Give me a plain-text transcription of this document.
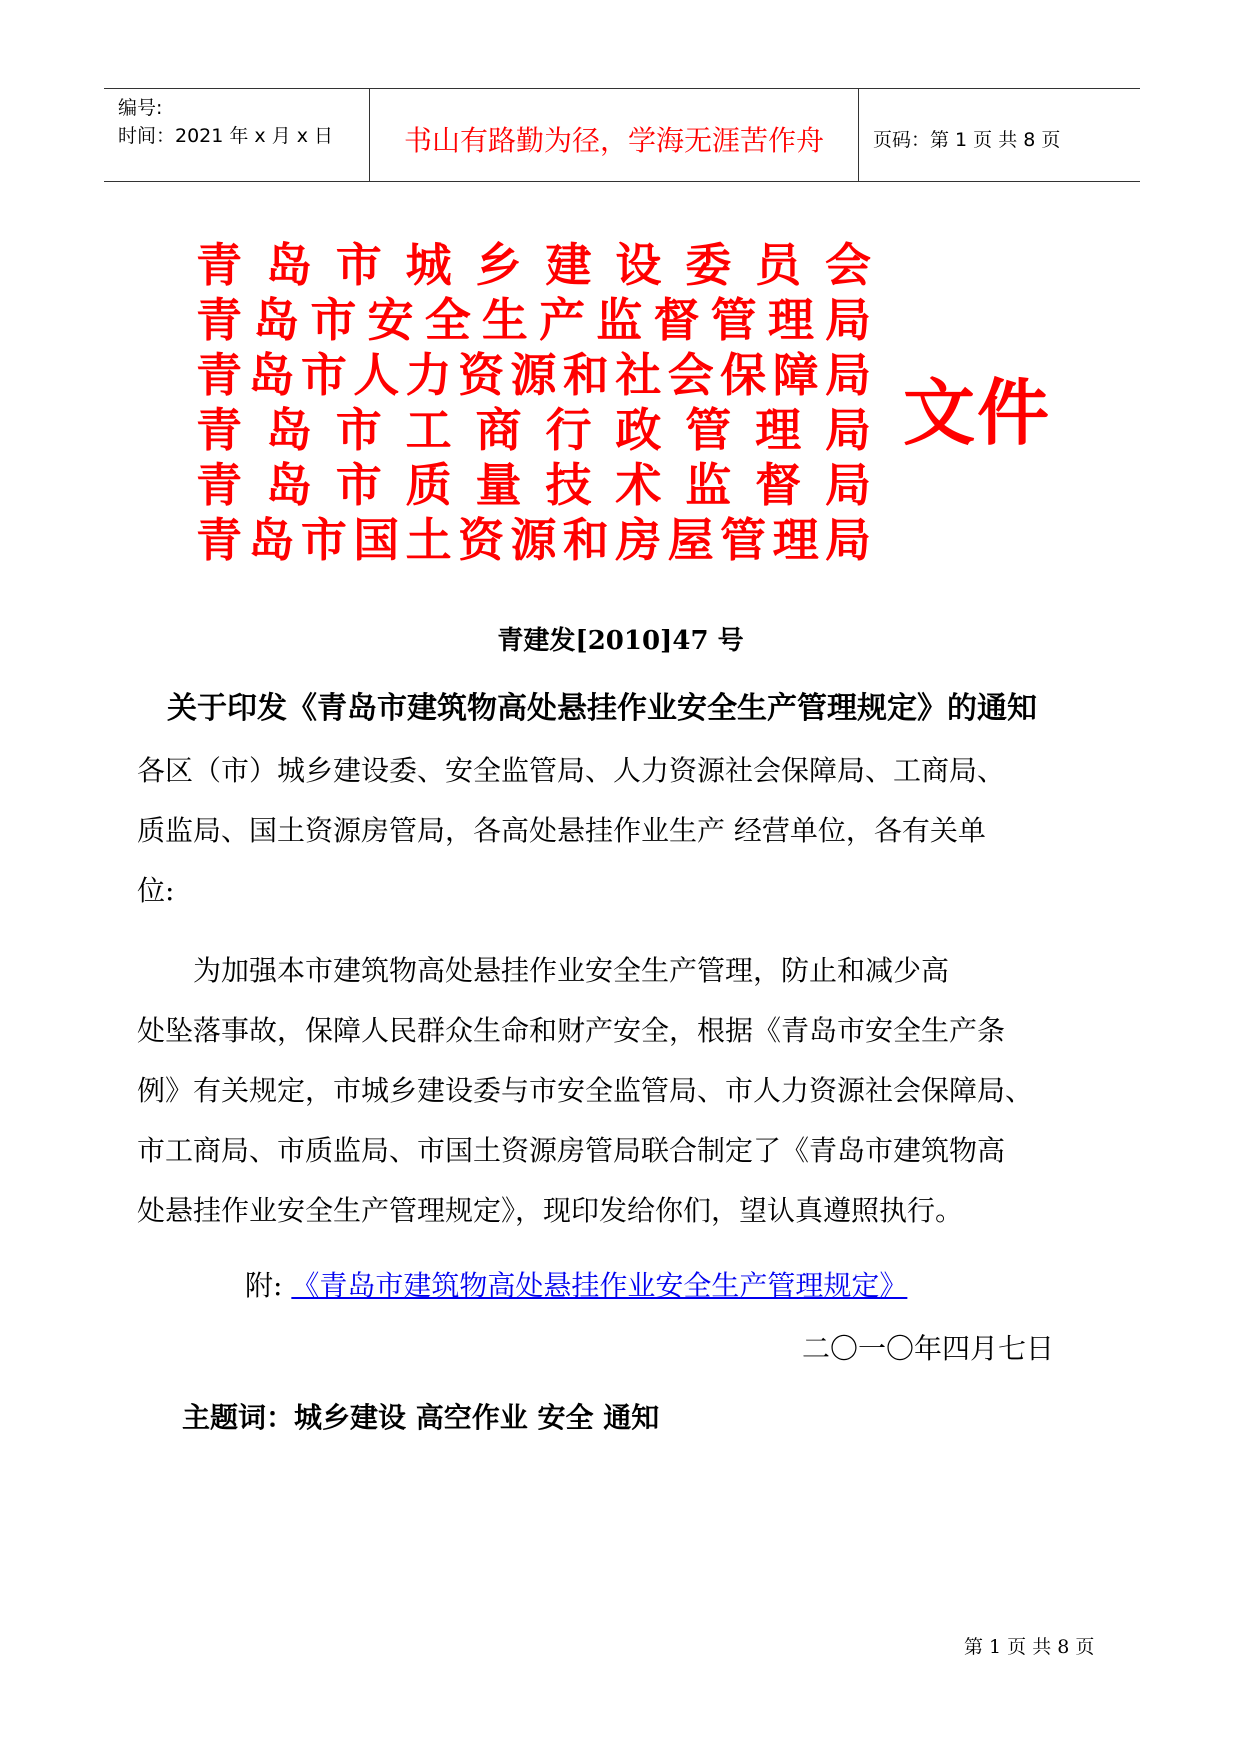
编号:
时间：2021 年 x 月 x 日	书山有路勤为径，学海无涯苦作舟	页码：第 1 页 共 8 页
青岛市城乡建设委员会
青岛市安全生产监督管理局
青岛市人力资源和社会保障局
青岛市工商行政管理局
青岛市质量技术监督局
青岛市国土资源和房屋管理局
文件
青建发[2010]47 号
关于印发《青岛市建筑物高处悬挂作业安全生产管理规定》的通知
各区（市）城乡建设委、安全监管局、人力资源社会保障局、工商局、
质监局、国土资源房管局，各高处悬挂作业生产 经营单位，各有关单
位:
　　为加强本市建筑物高处悬挂作业安全生产管理，防止和减少高
处坠落事故，保障人民群众生命和财产安全，根据《青岛市安全生产条
例》有关规定，市城乡建设委与市安全监管局、市人力资源社会保障局、
市工商局、市质监局、市国土资源房管局联合制定了《青岛市建筑物高
处悬挂作业安全生产管理规定》，现印发给你们，望认真遵照执行。
附: 《青岛市建筑物高处悬挂作业安全生产管理规定》
二〇一〇年四月七日
主题词：城乡建设 高空作业 安全 通知
第 1 页 共 8 页
